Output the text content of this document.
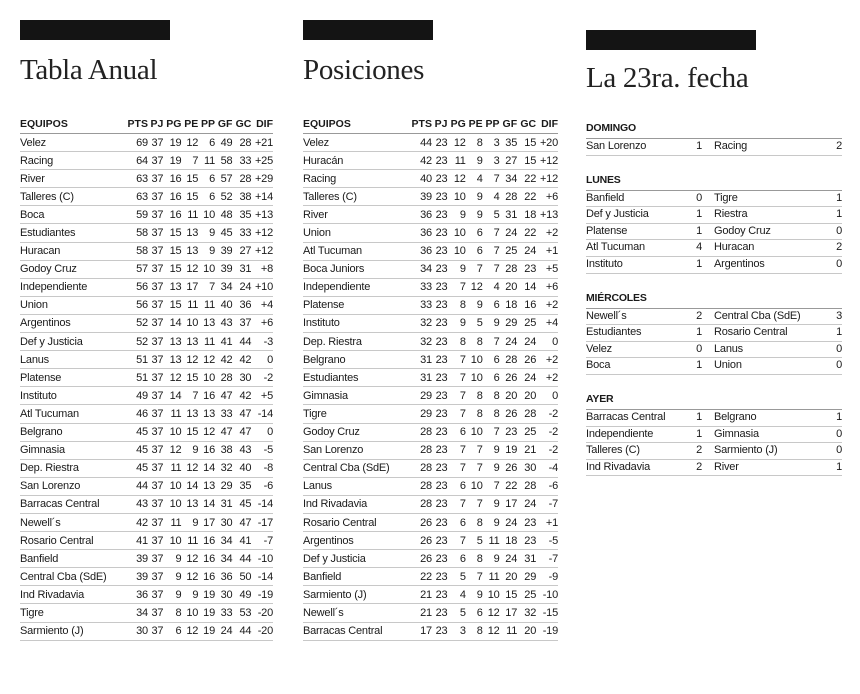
Tabla Anual
EQUIPOS	PTS	PJ	PG	PE	PP	GF	GC	DIF
Velez	69	37	19	12	6	49	28	+21
Racing	64	37	19	7	11	58	33	+25
River	63	37	16	15	6	57	28	+29
Talleres (C)	63	37	16	15	6	52	38	+14
Boca	59	37	16	11	10	48	35	+13
Estudiantes	58	37	15	13	9	45	33	+12
Huracan	58	37	15	13	9	39	27	+12
Godoy Cruz	57	37	15	12	10	39	31	+8
Independiente	56	37	13	17	7	34	24	+10
Union	56	37	15	11	11	40	36	+4
Argentinos	52	37	14	10	13	43	37	+6
Def y Justicia	52	37	13	13	11	41	44	-3
Lanus	51	37	13	12	12	42	42	0
Platense	51	37	12	15	10	28	30	-2
Instituto	49	37	14	7	16	47	42	+5
Atl Tucuman	46	37	11	13	13	33	47	-14
Belgrano	45	37	10	15	12	47	47	0
Gimnasia	45	37	12	9	16	38	43	-5
Dep. Riestra	45	37	11	12	14	32	40	-8
San Lorenzo	44	37	10	14	13	29	35	-6
Barracas Central	43	37	10	13	14	31	45	-14
Newell´s	42	37	11	9	17	30	47	-17
Rosario Central	41	37	10	11	16	34	41	-7
Banfield	39	37	9	12	16	34	44	-10
Central Cba (SdE)	39	37	9	12	16	36	50	-14
Ind Rivadavia	36	37	9	9	19	30	49	-19
Tigre	34	37	8	10	19	33	53	-20
Sarmiento (J)	30	37	6	12	19	24	44	-20
Posiciones
EQUIPOS	PTS	PJ	PG	PE	PP	GF	GC	DIF
Velez	44	23	12	8	3	35	15	+20
Huracán	42	23	11	9	3	27	15	+12
Racing	40	23	12	4	7	34	22	+12
Talleres (C)	39	23	10	9	4	28	22	+6
River	36	23	9	9	5	31	18	+13
Union	36	23	10	6	7	24	22	+2
Atl Tucuman	36	23	10	6	7	25	24	+1
Boca Juniors	34	23	9	7	7	28	23	+5
Independiente	33	23	7	12	4	20	14	+6
Platense	33	23	8	9	6	18	16	+2
Instituto	32	23	9	5	9	29	25	+4
Dep. Riestra	32	23	8	8	7	24	24	0
Belgrano	31	23	7	10	6	28	26	+2
Estudiantes	31	23	7	10	6	26	24	+2
Gimnasia	29	23	7	8	8	20	20	0
Tigre	29	23	7	8	8	26	28	-2
Godoy Cruz	28	23	6	10	7	23	25	-2
San Lorenzo	28	23	7	7	9	19	21	-2
Central Cba (SdE)	28	23	7	7	9	26	30	-4
Lanus	28	23	6	10	7	22	28	-6
Ind Rivadavia	28	23	7	7	9	17	24	-7
Rosario Central	26	23	6	8	9	24	23	+1
Argentinos	26	23	7	5	11	18	23	-5
Def y Justicia	26	23	6	8	9	24	31	-7
Banfield	22	23	5	7	11	20	29	-9
Sarmiento (J)	21	23	4	9	10	15	25	-10
Newell´s	21	23	5	6	12	17	32	-15
Barracas Central	17	23	3	8	12	11	20	-19
La 23ra. fecha
DOMINGO
San Lorenzo	1	Racing	2
LUNES
Banfield	0	Tigre	1
Def y Justicia	1	Riestra	1
Platense	1	Godoy Cruz	0
Atl Tucuman	4	Huracan	2
Instituto	1	Argentinos	0
MIÉRCOLES
Newell´s	2	Central Cba (SdE)	3
Estudiantes	1	Rosario Central	1
Velez	0	Lanus	0
Boca	1	Union	0
AYER
Barracas Central	1	Belgrano	1
Independiente	1	Gimnasia	0
Talleres (C)	2	Sarmiento (J)	0
Ind Rivadavia	2	River	1
